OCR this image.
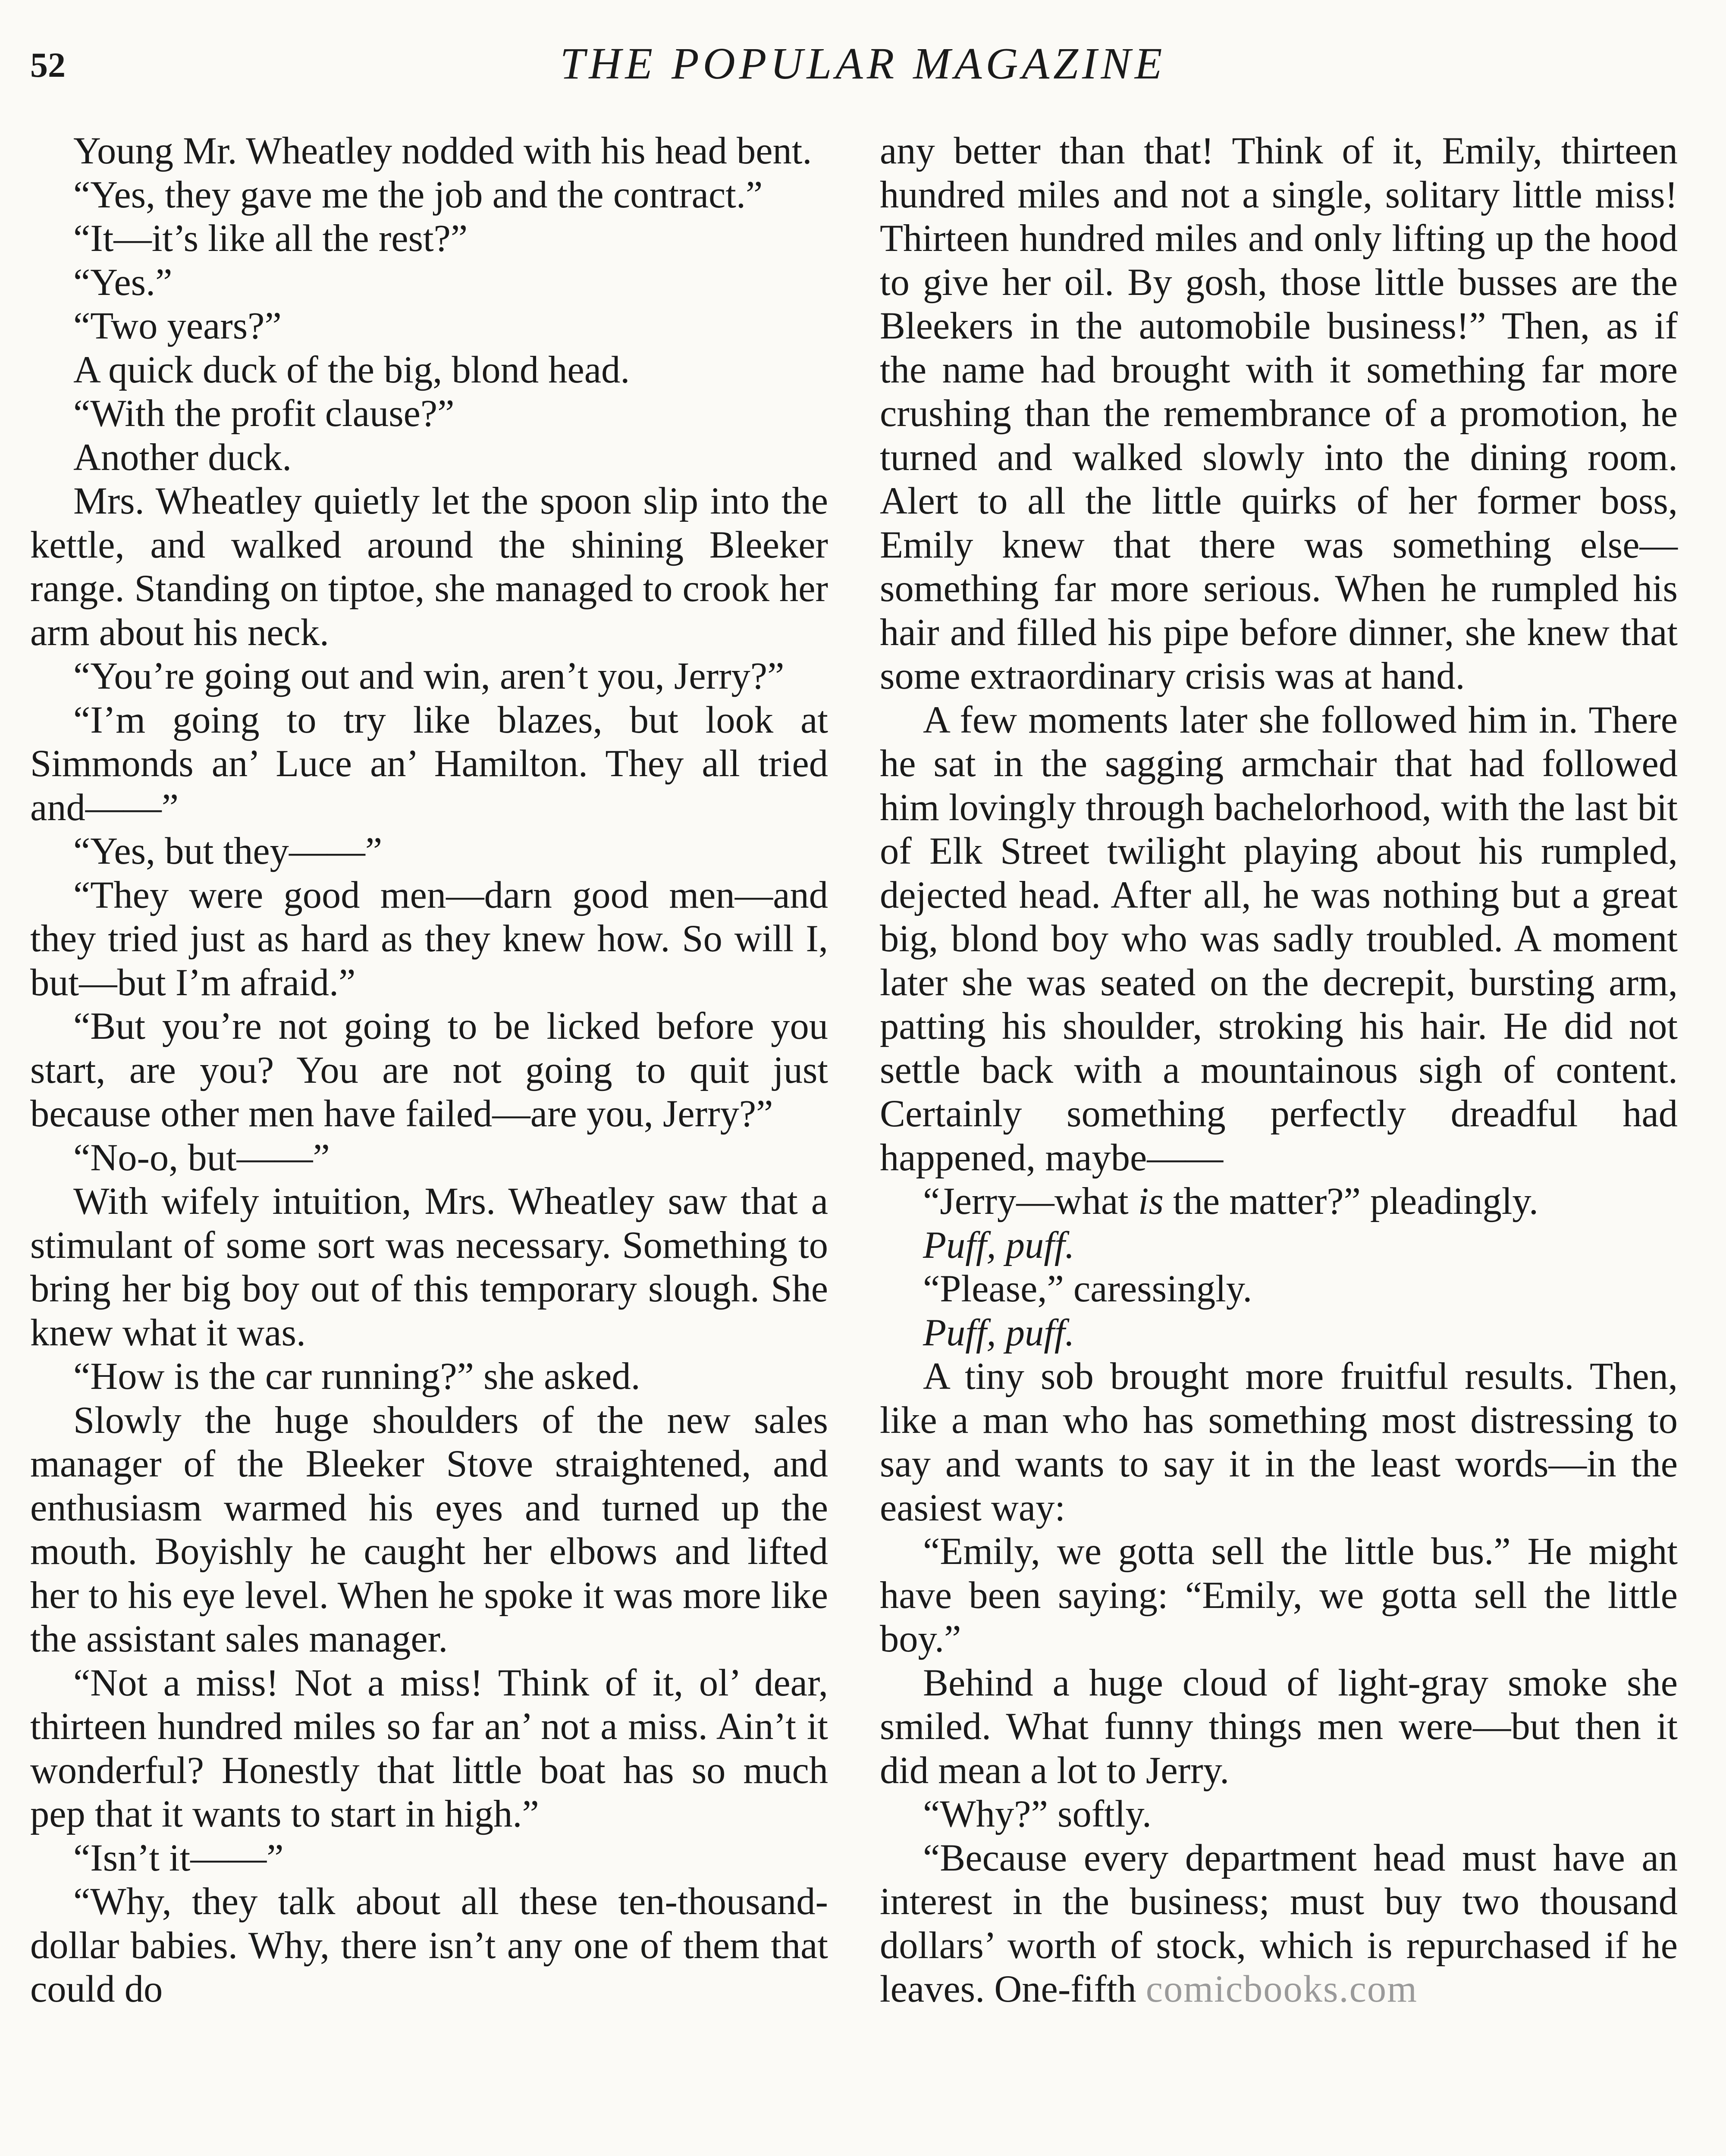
52	THE POPULAR MAGAZINE

Young Mr. Wheatley nodded with his head bent.

“Yes, they gave me the job and the contract.”

“It—it’s like all the rest?”

“Yes.”

“Two years?”

A quick duck of the big, blond head.

“With the profit clause?”

Another duck.

Mrs. Wheatley quietly let the spoon slip into the kettle, and walked around the shining Bleeker range. Standing on tiptoe, she managed to crook her arm about his neck.

“You’re going out and win, aren’t you, Jerry?”

“I’m going to try like blazes, but look at Simmonds an’ Luce an’ Hamilton. They all tried and——”

“Yes, but they——”

“They were good men—darn good men—and they tried just as hard as they knew how. So will I, but—but I’m afraid.”

“But you’re not going to be licked before you start, are you? You are not going to quit just because other men have failed—are you, Jerry?”

“No-o, but——”

With wifely intuition, Mrs. Wheatley saw that a stimulant of some sort was necessary. Something to bring her big boy out of this temporary slough. She knew what it was.

“How is the car running?” she asked.

Slowly the huge shoulders of the new sales manager of the Bleeker Stove straightened, and enthusiasm warmed his eyes and turned up the mouth. Boyishly he caught her elbows and lifted her to his eye level. When he spoke it was more like the assistant sales manager.

“Not a miss! Not a miss! Think of it, ol’ dear, thirteen hundred miles so far an’ not a miss. Ain’t it wonderful? Honestly that little boat has so much pep that it wants to start in high.”

“Isn’t it——”

“Why, they talk about all these ten-thousand-dollar babies. Why, there isn’t any one of them that could do

any better than that! Think of it, Emily, thirteen hundred miles and not a single, solitary little miss! Thirteen hundred miles and only lifting up the hood to give her oil. By gosh, those little busses are the Bleekers in the automobile business!” Then, as if the name had brought with it something far more crushing than the remembrance of a promotion, he turned and walked slowly into the dining room. Alert to all the little quirks of her former boss, Emily knew that there was something else—something far more serious. When he rumpled his hair and filled his pipe before dinner, she knew that some extraordinary crisis was at hand.

A few moments later she followed him in. There he sat in the sagging armchair that had followed him lovingly through bachelorhood, with the last bit of Elk Street twilight playing about his rumpled, dejected head. After all, he was nothing but a great big, blond boy who was sadly troubled. A moment later she was seated on the decrepit, bursting arm, patting his shoulder, stroking his hair. He did not settle back with a mountainous sigh of content. Certainly something perfectly dreadful had happened, maybe——

“Jerry—what is the matter?” pleadingly.

Puff, puff.

“Please,” caressingly.

Puff, puff.

A tiny sob brought more fruitful results. Then, like a man who has something most distressing to say and wants to say it in the least words—in the easiest way:

“Emily, we gotta sell the little bus.” He might have been saying: “Emily, we gotta sell the little boy.”

Behind a huge cloud of light-gray smoke she smiled. What funny things men were—but then it did mean a lot to Jerry.

“Why?” softly.

“Because every department head must have an interest in the business; must buy two thousand dollars’ worth of stock, which is repurchased if he leaves. One-fifth comicbooks.com
